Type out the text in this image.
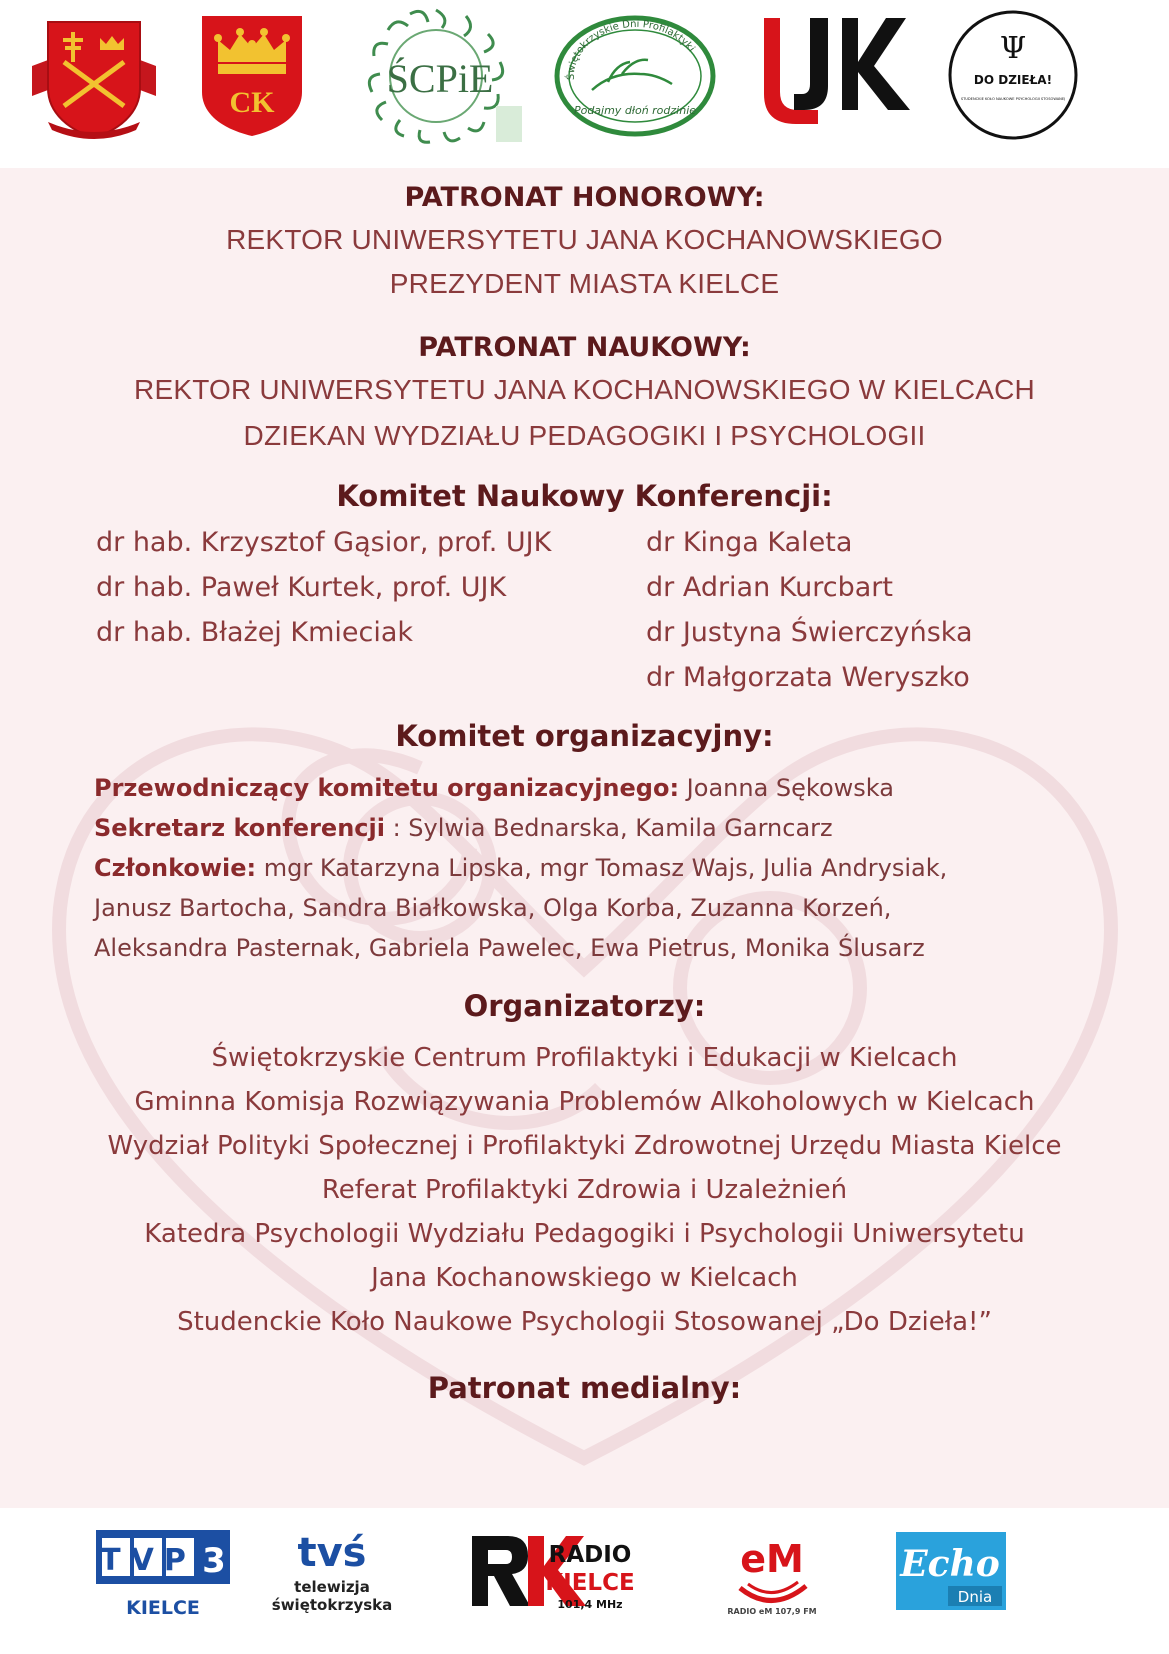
CK
ŚCPiE	Świętokrzyskie Dni Profilaktyki
Podajmy dłoń rodzinie
Ψ
DO DZIEŁA!
STUDENCKIE KOŁO NAUKOWE PSYCHOLOGII STOSOWANEJ
PATRONAT HONOROWY:
REKTOR UNIWERSYTETU JANA KOCHANOWSKIEGO
PREZYDENT MIASTA KIELCE
PATRONAT NAUKOWY:
REKTOR UNIWERSYTETU JANA KOCHANOWSKIEGO W KIELCACH
DZIEKAN WYDZIAŁU PEDAGOGIKI I PSYCHOLOGII
Komitet Naukowy Konferencji:
dr hab. Krzysztof Gąsior, prof. UJK
dr hab. Paweł Kurtek, prof. UJK
dr hab. Błażej Kmieciak
dr Kinga Kaleta
dr Adrian Kurcbart
dr Justyna Świerczyńska
dr Małgorzata Weryszko
Komitet organizacyjny:
Przewodniczący komitetu organizacyjnego: Joanna Sękowska
Sekretarz konferencji : Sylwia Bednarska, Kamila Garncarz
Członkowie: mgr Katarzyna Lipska, mgr Tomasz Wajs, Julia Andrysiak,
Janusz Bartocha, Sandra Białkowska, Olga Korba, Zuzanna Korzeń,
Aleksandra Pasternak, Gabriela Pawelec, Ewa Pietrus, Monika Ślusarz
Organizatorzy:
Świętokrzyskie Centrum Profilaktyki i Edukacji w Kielcach
Gminna Komisja Rozwiązywania Problemów Alkoholowych w Kielcach
Wydział Polityki Społecznej i Profilaktyki Zdrowotnej Urzędu Miasta Kielce
Referat Profilaktyki Zdrowia i Uzależnień
Katedra Psychologii Wydziału Pedagogiki i Psychologii Uniwersytetu
Jana Kochanowskiego w Kielcach
Studenckie Koło Naukowe Psychologii Stosowanej „Do Dzieła!”
Patronat medialny:
TVP 3
KIELCE
tvś
telewizja
świętokrzyska
RADIO
KIELCE
101,4 MHz
eM
RADIO eM 107,9 FM
Echo
Dnia
